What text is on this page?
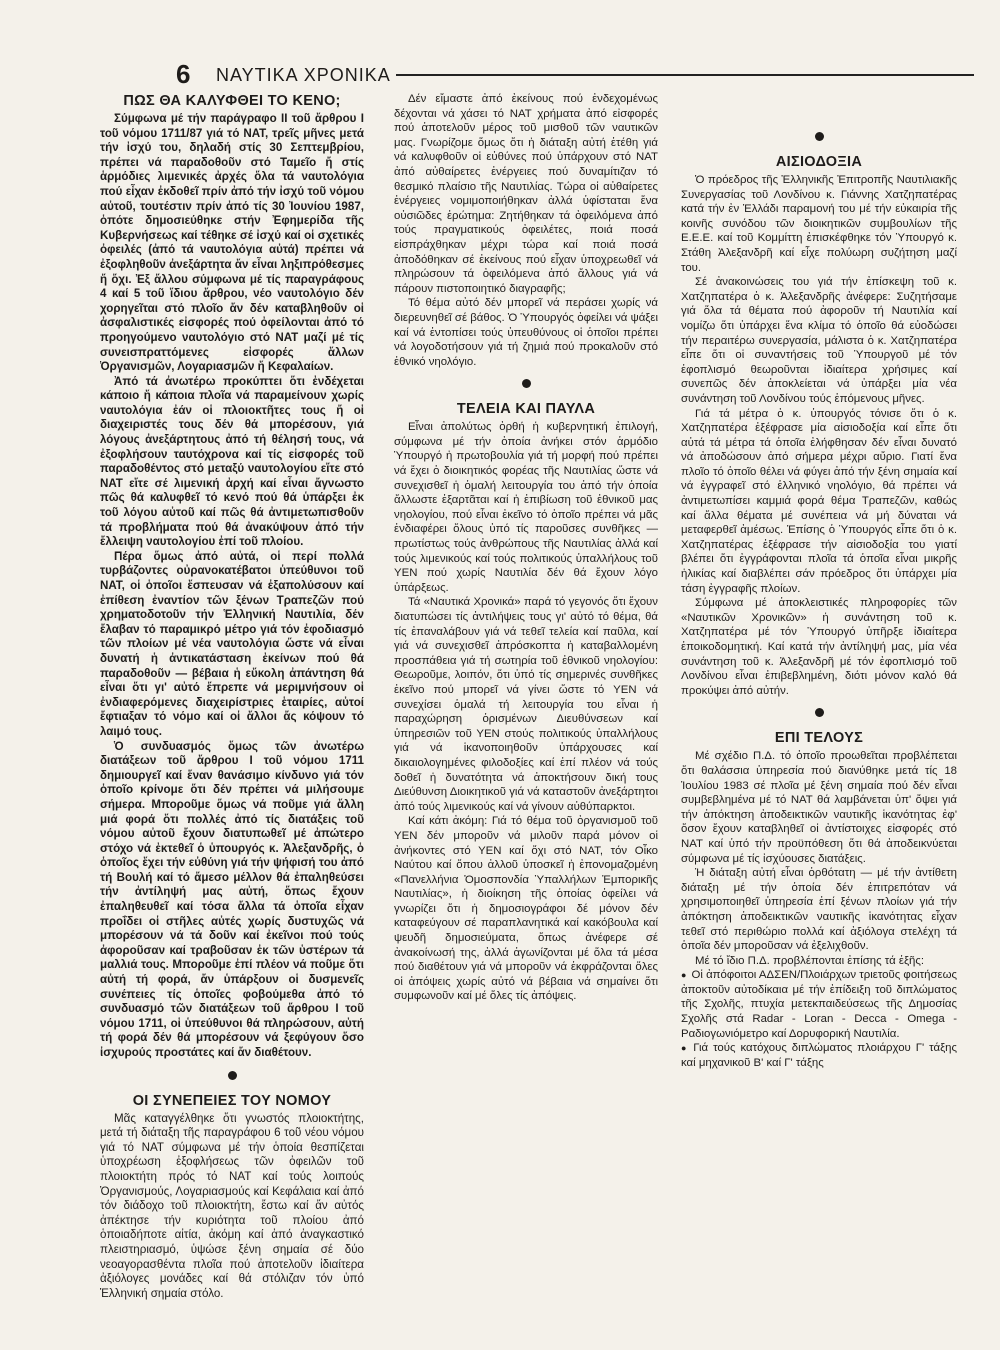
6 ΝΑΥΤΙΚΑ ΧΡΟΝΙΚΑ
ΠΩΣ ΘΑ ΚΑΛΥΦΘΕΙ ΤΟ ΚΕΝΟ;

Σύμφωνα μέ τήν παράγραφο ΙΙ τοῦ ἄρθρου Ι τοῦ νόμου 1711/87 γιά τό ΝΑΤ, τρεῖς μῆνες μετά τήν ἰσχύ του, δηλαδή στίς 30 Σεπτεμβρίου, πρέπει νά παραδοθοῦν στό Ταμεῖο ἤ στίς ἁρμόδιες λιμενικές ἀρχές ὅλα τά ναυτολόγια πού εἶχαν ἐκδοθεῖ πρίν ἀπό τήν ἰσχύ τοῦ νόμου αὐτοῦ, τουτέστιν πρίν ἀπό τίς 30 Ἰουνίου 1987, ὁπότε δημοσιεύθηκε στήν Ἐφημερίδα τῆς Κυβερνήσεως καί τέθηκε σέ ἰσχύ καί οἱ σχετικές ὀφειλές (ἀπό τά ναυτολόγια αὐτά) πρέπει νά ἐξοφληθοῦν ἀνεξάρτητα ἄν εἶναι ληξιπρόθεσμες ἤ ὄχι. Ἐξ ἄλλου σύμφωνα μέ τίς παραγράφους 4 καί 5 τοῦ ἴδιου ἄρθρου, νέο ναυτολόγιο δέν χορηγεῖται στό πλοῖο ἄν δέν καταβληθοῦν οἱ ἀσφαλιστικές εἰσφορές πού ὀφείλονται ἀπό τό προηγούμενο ναυτολόγιο στό ΝΑΤ μαζί μέ τίς συνεισπραττόμενες εἰσφορές ἄλλων Ὀργανισμῶν, Λογαριασμῶν ἤ Κεφαλαίων.

Ἀπό τά ἀνωτέρω προκύπτει ὅτι ἐνδέχεται κάποιο ἤ κάποια πλοῖα νά παραμείνουν χωρίς ναυτολόγια ἐάν οἱ πλοιοκτῆτες τους ἤ οἱ διαχειριστές τους δέν θά μπορέσουν, γιά λόγους ἀνεξάρτητους ἀπό τή θέλησή τους, νά ἐξοφλήσουν ταυτόχρονα καί τίς εἰσφορές τοῦ παραδοθέντος στό μεταξύ ναυτολογίου εἴτε στό ΝΑΤ εἴτε σέ λιμενική ἀρχή καί εἶναι ἄγνωστο πῶς θά καλυφθεῖ τό κενό πού θά ὑπάρξει ἐκ τοῦ λόγου αὐτοῦ καί πῶς θά ἀντιμετωπισθοῦν τά προβλήματα πού θά ἀνακύψουν ἀπό τήν ἔλλειψη ναυτολογίου ἐπί τοῦ πλοίου.

Πέρα ὅμως ἀπό αὐτά, οἱ περί πολλά τυρβάζοντες οὐρανοκατέβατοι ὑπεύθυνοι τοῦ ΝΑΤ, οἱ ὁποῖοι ἔσπευσαν νά ἐξαπολύσουν καί ἐπίθεση ἐναντίον τῶν ξένων Τραπεζῶν πού χρηματοδοτοῦν τήν Ἑλληνική Ναυτιλία, δέν ἔλαβαν τό παραμικρό μέτρο γιά τόν ἐφοδιασμό τῶν πλοίων μέ νέα ναυτολόγια ὥστε νά εἶναι δυνατή ἡ ἀντικατάσταση ἐκείνων πού θά παραδοθοῦν — βέβαια ἡ εὔκολη ἀπάντηση θά εἶναι ὅτι γι' αὐτό ἔπρεπε νά μεριμνήσουν οἱ ἐνδιαφερόμενες διαχειρίστριες ἑταιρίες, αὐτοί ἔφτιαξαν τό νόμο καί οἱ ἄλλοι ἄς κόψουν τό λαιμό τους.

Ὁ συνδυασμός ὅμως τῶν ἀνωτέρω διατάξεων τοῦ ἄρθρου Ι τοῦ νόμου 1711 δημιουργεῖ καί ἕναν θανάσιμο κίνδυνο γιά τόν ὁποῖο κρίνομε ὅτι δέν πρέπει νά μιλήσουμε σήμερα. Μποροῦμε ὅμως νά ποῦμε γιά ἄλλη μιά φορά ὅτι πολλές ἀπό τίς διατάξεις τοῦ νόμου αὐτοῦ ἔχουν διατυπωθεῖ μέ ἀπώτερο στόχο νά ἐκτεθεῖ ὁ ὑπουργός κ. Ἀλεξανδρῆς, ὁ ὁποῖος ἔχει τήν εὐθύνη γιά τήν ψήφισή του ἀπό τή Βουλή καί τό ἄμεσο μέλλον θά ἐπαληθεύσει τήν ἀντίληψή μας αὐτή, ὅπως ἔχουν ἐπαληθευθεῖ καί τόσα ἄλλα τά ὁποῖα εἶχαν προΐδει οἱ στῆλες αὐτές χωρίς δυστυχῶς νά μπορέσουν νά τά δοῦν καί ἐκεῖνοι πού τούς ἀφοροῦσαν καί τραβοῦσαν ἐκ τῶν ὑστέρων τά μαλλιά τους. Μποροῦμε ἐπί πλέον νά ποῦμε ὅτι αὐτή τή φορά, ἄν ὑπάρξουν οἱ δυσμενεῖς συνέπειες τίς ὁποῖες φοβούμεθα ἀπό τό συνδυασμό τῶν διατάξεων τοῦ ἄρθρου Ι τοῦ νόμου 1711, οἱ ὑπεύθυνοι θά πληρώσουν, αὐτή τή φορά δέν θά μπορέσουν νά ξεφύγουν ὅσο ἰσχυρούς προστάτες καί ἄν διαθέτουν.

ΟΙ ΣΥΝΕΠΕΙΕΣ ΤΟΥ ΝΟΜΟΥ

Μᾶς καταγγέλθηκε ὅτι γνωστός πλοιοκτήτης, μετά τή διάταξη τῆς παραγράφου 6 τοῦ νέου νόμου γιά τό ΝΑΤ σύμφωνα μέ τήν ὁποία θεσπίζεται ὑποχρέωση ἐξοφλήσεως τῶν ὀφειλῶν τοῦ πλοιοκτήτη πρός τό ΝΑΤ καί τούς λοιπούς Ὀργανισμούς, Λογαριασμούς καί Κεφάλαια καί ἀπό τόν διάδοχο τοῦ πλοιοκτήτη, ἔστω καί ἄν αὐτός ἀπέκτησε τήν κυριότητα τοῦ πλοίου ἀπό ὁποιαδήποτε αἰτία, ἀκόμη καί ἀπό ἀναγκαστικό πλειστηριασμό, ὑψώσε ξένη σημαία σέ δύο νεοαγορασθέντα πλοῖα πού ἀποτελοῦν ἰδιαίτερα ἀξιόλογες μονάδες καί θά στόλιζαν τόν ὑπό Ἑλληνική σημαία στόλο.

Δέν εἴμαστε ἀπό ἐκείνους πού ἐνδεχομένως δέχονται νά χάσει τό ΝΑΤ χρήματα ἀπό εἰσφορές πού ἀποτελοῦν μέρος τοῦ μισθοῦ τῶν ναυτικῶν μας. Γνωρίζομε ὅμως ὅτι ἡ διάταξη αὐτή ἐτέθη γιά νά καλυφθοῦν οἱ εὐθύνες πού ὑπάρχουν στό ΝΑΤ ἀπό αὐθαίρετες ἐνέργειες πού δυναμίτιζαν τό θεσμικό πλαίσιο τῆς Ναυτιλίας. Τώρα οἱ αὐθαίρετες ἐνέργειες νομιμοποιήθηκαν ἀλλά ὑφίσταται ἕνα οὐσιῶδες ἐρώτημα: Ζητήθηκαν τά ὀφειλόμενα ἀπό τούς πραγματικούς ὀφειλέτες, ποιά ποσά εἰσπράχθηκαν μέχρι τώρα καί ποιά ποσά ἀποδόθηκαν σέ ἐκείνους πού εἶχαν ὑποχρεωθεῖ νά πληρώσουν τά ὀφειλόμενα ἀπό ἄλλους γιά νά πάρουν πιστοποιητικό διαγραφῆς;

Τό θέμα αὐτό δέν μπορεῖ νά περάσει χωρίς νά διερευνηθεῖ σέ βάθος. Ὁ Ὑπουργός ὀφείλει νά ψάξει καί νά ἐντοπίσει τούς ὑπευθύνους οἱ ὁποῖοι πρέπει νά λογοδοτήσουν γιά τή ζημιά πού προκαλοῦν στό ἐθνικό νηολόγιο.

ΤΕΛΕΙΑ ΚΑΙ ΠΑΥΛΑ

Εἶναι ἀπολύτως ὀρθή ἡ κυβερνητική ἐπιλογή, σύμφωνα μέ τήν ὁποία ἀνήκει στόν ἁρμόδιο Ὑπουργό ἡ πρωτοβουλία γιά τή μορφή πού πρέπει νά ἔχει ὁ διοικητικός φορέας τῆς Ναυτιλίας ὥστε νά συνεχισθεῖ ἡ ὁμαλή λειτουργία του ἀπό τήν ὁποία ἄλλωστε ἐξαρτᾶται καί ἡ ἐπιβίωση τοῦ ἐθνικοῦ μας νηολογίου, πού εἶναι ἐκεῖνο τό ὁποῖο πρέπει νά μᾶς ἐνδιαφέρει ὅλους ὑπό τίς παροῦσες συνθῆκες — πρωτίστως τούς ἀνθρώπους τῆς Ναυτιλίας ἀλλά καί τούς λιμενικούς καί τούς πολιτικούς ὑπαλλήλους τοῦ ΥΕΝ πού χωρίς Ναυτιλία δέν θά ἔχουν λόγο ὑπάρξεως.

Τά «Ναυτικά Χρονικά» παρά τό γεγονός ὅτι ἔχουν διατυπώσει τίς ἀντιλήψεις τους γι' αὐτό τό θέμα, θά τίς ἐπαναλάβουν γιά νά τεθεῖ τελεία καί παῦλα, καί γιά νά συνεχισθεῖ ἀπρόσκοπτα ἡ καταβαλλομένη προσπάθεια γιά τή σωτηρία τοῦ ἐθνικοῦ νηολογίου: Θεωροῦμε, λοιπόν, ὅτι ὑπό τίς σημερινές συνθῆκες ἐκεῖνο πού μπορεῖ νά γίνει ὥστε τό ΥΕΝ νά συνεχίσει ὁμαλά τή λειτουργία του εἶναι ἡ παραχώρηση ὁρισμένων Διευθύνσεων καί ὑπηρεσιῶν τοῦ ΥΕΝ στούς πολιτικούς ὑπαλλήλους γιά νά ἱκανοποιηθοῦν ὑπάρχουσες καί δικαιολογημένες φιλοδοξίες καί ἐπί πλέον νά τούς δοθεῖ ἡ δυνατότητα νά ἀποκτήσουν δική τους Διεύθυνση Διοικητικοῦ γιά νά καταστοῦν ἀνεξάρτητοι ἀπό τούς λιμενικούς καί νά γίνουν αὐθύπαρκτοι.

Καί κάτι ἀκόμη: Γιά τό θέμα τοῦ ὀργανισμοῦ τοῦ ΥΕΝ δέν μποροῦν νά μιλοῦν παρά μόνον οἱ ἀνήκοντες στό ΥΕΝ καί ὄχι στό ΝΑΤ, τόν Οἶκο Ναύτου καί ὅπου ἀλλοῦ ὑποσκεῖ ἡ ἐπονομαζομένη «Πανελλήνια Ὁμοσπονδία Ὑπαλλήλων Ἐμπορικῆς Ναυτιλίας», ἡ διοίκηση τῆς ὁποίας ὀφείλει νά γνωρίζει ὅτι ἡ δημοσιογράφοι δέ μόνον δέν καταφεύγουν σέ παραπλανητικά καί κακόβουλα καί ψευδῆ δημοσιεύματα, ὅπως ἀνέφερε σέ ἀνακοίνωσή της, ἀλλά ἀγωνίζονται μέ ὅλα τά μέσα πού διαθέτουν γιά νά μποροῦν νά ἐκφράζονται ὅλες οἱ ἀπόψεις χωρίς αὐτό νά βέβαια νά σημαίνει ὅτι συμφωνοῦν καί μέ ὅλες τίς ἀπόψεις.

ΑΙΣΙΟΔΟΞΙΑ

Ὁ πρόεδρος τῆς Ἑλληνικῆς Ἐπιτροπῆς Ναυτιλιακῆς Συνεργασίας τοῦ Λονδίνου κ. Γιάννης Χατζηπατέρας κατά τήν ἐν Ἑλλάδι παραμονή του μέ τήν εὐκαιρία τῆς κοινῆς συνόδου τῶν διοικητικῶν συμβουλίων τῆς Ε.Ε.Ε. καί τοῦ Κομμίττη ἐπισκέφθηκε τόν Ὑπουργό κ. Στάθη Ἀλεξανδρῆ καί εἶχε πολύωρη συζήτηση μαζί του.

Σέ ἀνακοινώσεις του γιά τήν ἐπίσκεψη τοῦ κ. Χατζηπατέρα ὁ κ. Ἀλεξανδρῆς ἀνέφερε: Συζητήσαμε γιά ὅλα τά θέματα πού ἀφοροῦν τή Ναυτιλία καί νομίζω ὅτι ὑπάρχει ἕνα κλίμα τό ὁποῖο θά εὐοδώσει τήν περαιτέρω συνεργασία, μάλιστα ὁ κ. Χατζηπατέρα εἶπε ὅτι οἱ συναντήσεις τοῦ Ὑπουργοῦ μέ τόν ἐφοπλισμό θεωροῦνται ἰδιαίτερα χρήσιμες καί συνεπῶς δέν ἀποκλείεται νά ὑπάρξει μία νέα συνάντηση τοῦ Λονδίνου τούς ἑπόμενους μῆνες.

Γιά τά μέτρα ὁ κ. ὑπουργός τόνισε ὅτι ὁ κ. Χατζηπατέρα ἐξέφρασε μία αἰσιοδοξία καί εἶπε ὅτι αὐτά τά μέτρα τά ὁποῖα ἐλήφθησαν δέν εἶναι δυνατό νά ἀποδώσουν ἀπό σήμερα μέχρι αὔριο. Γιατί ἕνα πλοῖο τό ὁποῖο θέλει νά φύγει ἀπό τήν ξένη σημαία καί νά ἐγγραφεῖ στό ἑλληνικό νηολόγιο, θά πρέπει νά ἀντιμετωπίσει καμμιά φορά θέμα Τραπεζῶν, καθώς καί ἄλλα θέματα μέ συνέπεια νά μή δύναται νά μεταφερθεῖ ἀμέσως. Ἐπίσης ὁ Ὑπουργός εἶπε ὅτι ὁ κ. Χατζηπατέρας ἐξέφρασε τήν αἰσιοδοξία του γιατί βλέπει ὅτι ἐγγράφονται πλοῖα τά ὁποῖα εἶναι μικρῆς ἡλικίας καί διαβλέπει σάν πρόεδρος ὅτι ὑπάρχει μία τάση ἐγγραφῆς πλοίων.

Σύμφωνα μέ ἀποκλειστικές πληροφορίες τῶν «Ναυτικῶν Χρονικῶν» ἡ συνάντηση τοῦ κ. Χατζηπατέρα μέ τόν Ὑπουργό ὑπῆρξε ἰδιαίτερα ἐποικοδομητική. Καί κατά τήν ἀντίληψή μας, μία νέα συνάντηση τοῦ κ. Ἀλεξανδρῆ μέ τόν ἐφοπλισμό τοῦ Λονδίνου εἶναι ἐπιβεβλημένη, διότι μόνον καλό θά προκύψει ἀπό αὐτήν.

ΕΠΙ ΤΕΛΟΥΣ

Μέ σχέδιο Π.Δ. τό ὁποῖο προωθεῖται προβλέπεται ὅτι θαλάσσια ὑπηρεσία πού διανύθηκε μετά τίς 18 Ἰουλίου 1983 σέ πλοῖα μέ ξένη σημαία πού δέν εἶναι συμβεβλημένα μέ τό ΝΑΤ θά λαμβάνεται ὑπ' ὄψει γιά τήν ἀπόκτηση ἀποδεικτικῶν ναυτικῆς ἱκανότητας ἐφ' ὅσον ἔχουν καταβληθεῖ οἱ ἀντίστοιχες εἰσφορές στό ΝΑΤ καί ὑπό τήν προϋπόθεση ὅτι θά ἀποδεικνύεται σύμφωνα μέ τίς ἰσχύουσες διατάξεις.

Ἡ διάταξη αὐτή εἶναι ὀρθότατη — μέ τήν ἀντίθετη διάταξη μέ τήν ὁποία δέν ἐπιτρεπόταν νά χρησιμοποιηθεῖ ὑπηρεσία ἐπί ξένων πλοίων γιά τήν ἀπόκτηση ἀποδεικτικῶν ναυτικῆς ἱκανότητας εἶχαν τεθεῖ στό περιθώριο πολλά καί ἀξιόλογα στελέχη τά ὁποῖα δέν μποροῦσαν νά ἐξελιχθοῦν.

Μέ τό ἴδιο Π.Δ. προβλέπονται ἐπίσης τά ἑξῆς:

● Οἱ ἀπόφοιτοι ΑΔΣΕΝ/Πλοιάρχων τριετοῦς φοιτήσεως ἀποκτοῦν αὐτοδίκαια μέ τήν ἐπίδειξη τοῦ διπλώματος τῆς Σχολῆς, πτυχία μετεκπαιδεύσεως τῆς Δημοσίας Σχολῆς στά Radar - Loran - Decca - Omega - Ραδιογωνιόμετρο καί Δορυφορική Ναυτιλία.

● Γιά τούς κατόχους διπλώματος πλοιάρχου Γ' τάξης καί μηχανικοῦ Β' καί Γ' τάξης
